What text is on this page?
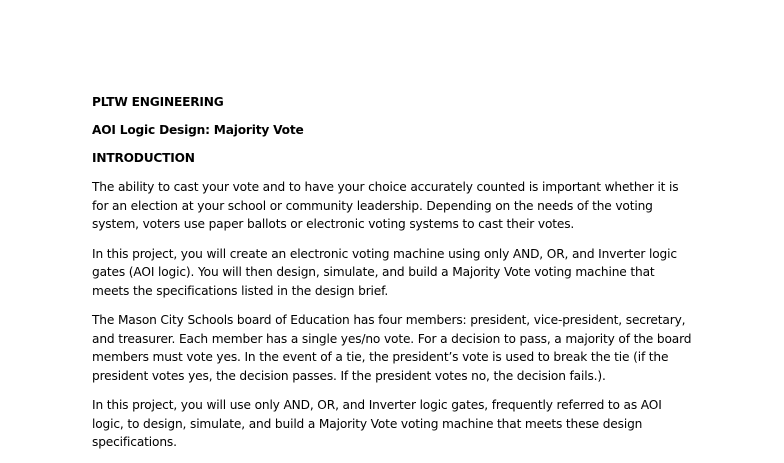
PLTW ENGINEERING

AOI Logic Design: Majority Vote

INTRODUCTION

The ability to cast your vote and to have your choice accurately counted is important whether it is for an election at your school or community leadership. Depending on the needs of the voting system, voters use paper ballots or electronic voting systems to cast their votes.

In this project, you will create an electronic voting machine using only AND, OR, and Inverter logic gates (AOI logic). You will then design, simulate, and build a Majority Vote voting machine that meets the specifications listed in the design brief.

The Mason City Schools board of Education has four members: president, vice-president, secretary, and treasurer. Each member has a single yes/no vote. For a decision to pass, a majority of the board members must vote yes. In the event of a tie, the president’s vote is used to break the tie (if the president votes yes, the decision passes. If the president votes no, the decision fails.).

In this project, you will use only AND, OR, and Inverter logic gates, frequently referred to as AOI logic, to design, simulate, and build a Majority Vote voting machine that meets these design specifications.
